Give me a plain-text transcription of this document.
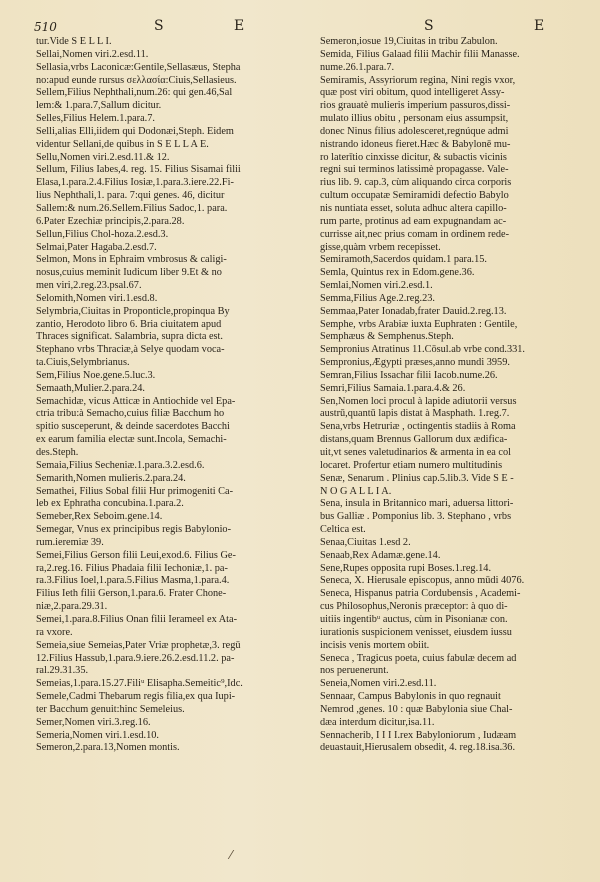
510	S	E	S	E
tur.Vide S E L L I.
Sellai,Nomen viri.2.esd.11.
Sellasia,vrbs Laconicæ:Gentile,Sellasæus, Stepha
no:apud eunde rursus σελλασία:Ciuis,Sellasieus.
Sellem,Filius Nephthali,num.26: qui gen.46,Sal
lem:& 1.para.7,Sallum dicitur.
Selles,Filius Helem.1.para.7.
Selli,alias Elli,iidem qui Dodonæi,Steph. Eidem
videntur Sellani,de quibus in S E L L A E.
Sellu,Nomen viri.2.esd.11.& 12.
Sellum, Filius Iabes,4. reg. 15. Filius Sisamai filii
Elasa,1.para.2.4.Filius Iosiæ,1.para.3.iere.22.Fi-
lius Nephthali,1. para. 7:qui genes. 46, dicitur
Sallem:& num.26.Sellem.Filius Sadoc,1. para.
6.Pater Ezechiæ principis,2.para.28.
Sellun,Filius Chol-hoza.2.esd.3.
Selmai,Pater Hagaba.2.esd.7.
Selmon, Mons in Ephraim vmbrosus & caligi-
nosus,cuius meminit Iudicum liber 9.Et & no
men viri,2.reg.23.psal.67.
Selomith,Nomen viri.1.esd.8.
Selymbria,Ciuitas in Proponticle,propinqua By
zantio, Herodoto libro 6. Bria ciuitatem apud
Thraces significat. Salambria, supra dicta est.
Stephano vrbs Thraciæ,à Selye quodam voca-
ta.Ciuis,Selymbrianus.
Sem,Filius Noe.gene.5.luc.3.
Semaath,Mulier.2.para.24.
Semachidæ, vicus Atticæ in Antiochide vel Epa-
ctria tribu:à Semacho,cuius filiæ Bacchum ho
spitio susceperunt, & deinde sacerdotes Bacchi
ex earum familia electæ sunt.Incola, Semachi-
des.Steph.
Semaia,Filius Secheniæ.1.para.3.2.esd.6.
Semarith,Nomen mulieris.2.para.24.
Semathei, Filius Sobal filii Hur primogeniti Ca-
leb ex Ephratha concubina.1.para.2.
Semeber,Rex Seboim.gene.14.
Semegar, Vnus ex principibus regis Babylonio-
rum.ieremiæ 39.
Semei,Filius Gerson filii Leui,exod.6. Filius Ge-
ra,2.reg.16. Filius Phadaia filii Iechoniæ,1. pa-
ra.3.Filius Ioel,1.para.5.Filius Masma,1.para.4.
Filius Ieth filii Gerson,1.para.6. Frater Chone-
niæ,2.para.29.31.
Semei,1.para.8.Filius Onan filii Ierameel ex Ata-
ra vxore.
Semeia,siue Semeias,Pater Vriæ prophetæ,3. regū
12.Filius Hassub,1.para.9.iere.26.2.esd.11.2. pa-
ral.29.31.35.
Semeias,1.para.15.27.Filiᵘ Elisapha.Semeitic⁹,Idc.
Semele,Cadmi Thebarum regis filia,ex qua Iupi-
ter Bacchum genuit:hinc Semeleius.
Semer,Nomen viri.3.reg.16.
Semeria,Nomen viri.1.esd.10.
Semeron,2.para.13,Nomen montis.
Semeron,iosue 19,Ciuitas in tribu Zabulon.
Semida, Filius Galaad filii Machir filii Manasse.
nume.26.1.para.7.
Semiramis, Assyriorum regina, Nini regis vxor,
quæ post viri obitum, quod intelligeret Assy-
rios grauatè mulieris imperium passuros,dissi-
mulato illius obitu , personam eius assumpsit,
donec Ninus filius adolesceret,regnúque admi
nistrando idoneus fieret.Hæc & Babylonē mu-
ro laterītio cinxisse dicitur, & subactis vicinis
regni sui terminos latissimè propagasse. Vale-
rius lib. 9. cap.3, cùm aliquando circa corporis
cultum occupatæ Semiramidi defectio Babylo
nis nuntiata esset, soluta adhuc altera capillo-
rum parte, protinus ad eam expugnandam ac-
currisse ait,nec prius comam in ordinem rede-
gisse,quàm vrbem recepisset.
Semiramoth,Sacerdos quidam.1 para.15.
Semla, Quintus rex in Edom.gene.36.
Semlai,Nomen viri.2.esd.1.
Semma,Filius Age.2.reg.23.
Semmaa,Pater Ionadab,frater Dauid.2.reg.13.
Semphe, vrbs Arabiæ iuxta Euphraten : Gentile,
Semphæus & Semphenus.Steph.
Sempronius Atratinus 11.Cōsul.ab vrbe cond.331.
Sempronius,Ægypti præses,anno mundi 3959.
Semran,Filius Issachar filii Iacob.nume.26.
Semri,Filius Samaia.1.para.4.& 26.
Sen,Nomen loci procul à lapide adiutorii versus
austrū,quantū lapis distat à Masphath. 1.reg.7.
Sena,vrbs Hetruriæ , octingentis stadiis à Roma
distans,quam Brennus Gallorum dux ædifica-
uit,vt senes valetudinarios & armenta in ea col
locaret. Profertur etiam numero multitudinis
Senæ, Senarum . Plinius cap.5.lib.3. Vide S E -
N O G A L L I A.
Sena, insula in Britannico mari, aduersa littori-
bus Galliæ . Pomponius lib. 3. Stephano , vrbs
Celtica est.
Senaa,Ciuitas 1.esd 2.
Senaab,Rex Adamæ.gene.14.
Sene,Rupes opposita rupi Boses.1.reg.14.
Seneca, X. Hierusale episcopus, anno mūdi 4076.
Seneca, Hispanus patria Cordubensis , Academi-
cus Philosophus,Neronis præceptor: à quo di-
uitiis ingentibᵘ auctus, cùm in Pisonianæ con.
iurationis suspicionem venisset, eiusdem iussu
incisis venis mortem obiit.
Seneca , Tragicus poeta, cuius fabulæ decem ad
nos peruenerunt.
Seneia,Nomen viri.2.esd.11.
Sennaar, Campus Babylonis in quo regnauit
Nemrod ,genes. 10 : quæ Babylonia siue Chal-
dæa interdum dicitur,isa.11.
Sennacherib, I I I I.rex Babyloniorum , Iudæam
deuastauit,Hierusalem obsedit, 4. reg.18.isa.36.
⁄
